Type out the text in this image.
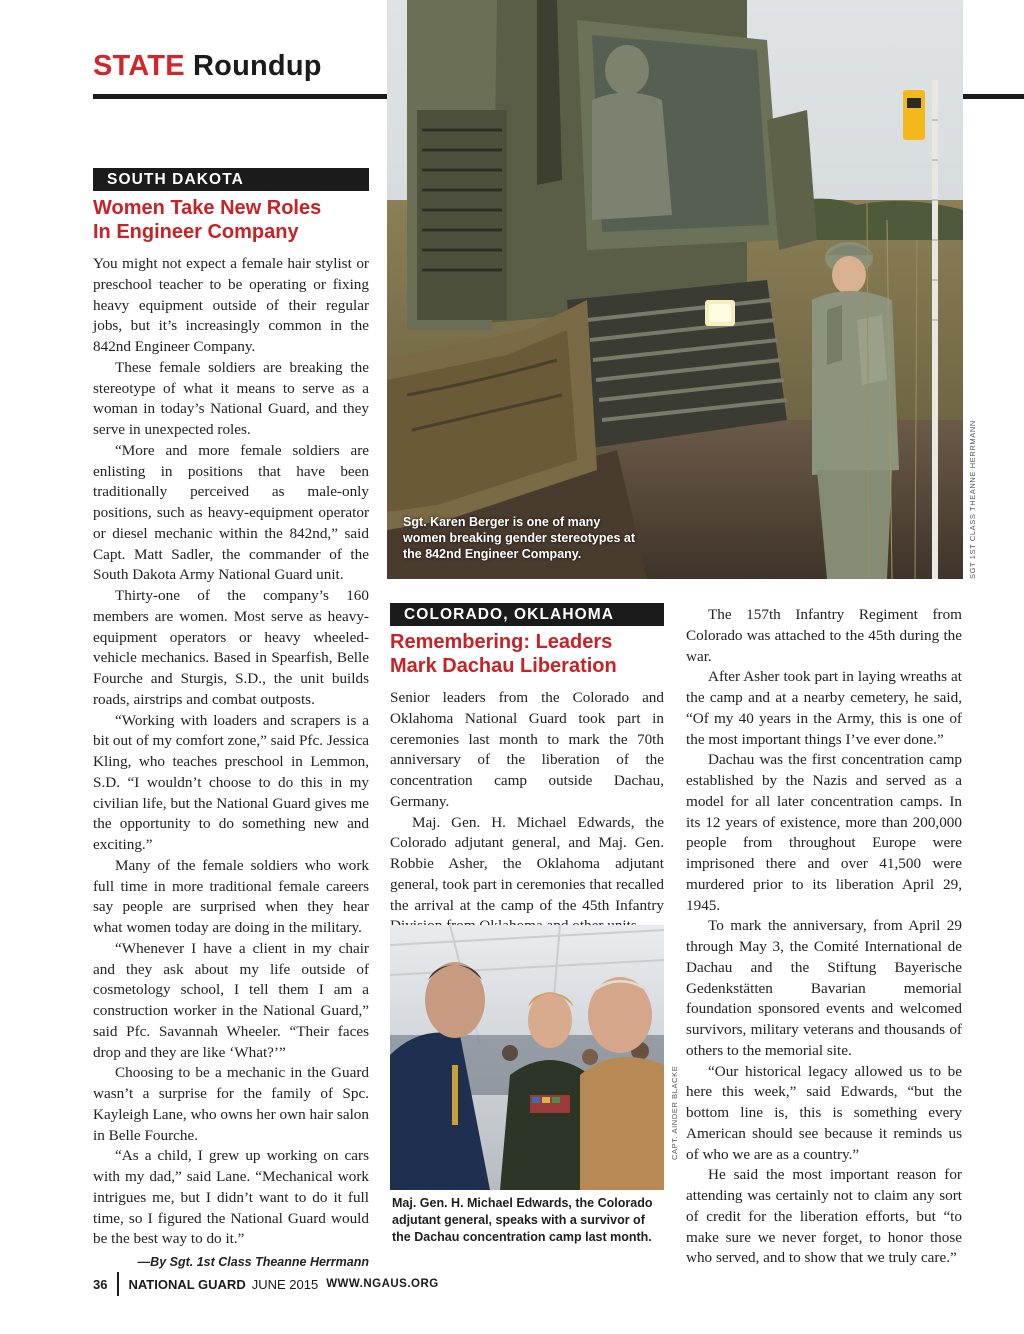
STATE Roundup
Sgt. Karen Berger is one of many women breaking gender stereotypes at the 842nd Engineer Company.	SGT 1ST CLASS THEANNE HERRMANN
SOUTH DAKOTA
Women Take New Roles
In Engineer Company

You might not expect a female hair stylist or preschool teacher to be operating or fixing heavy equipment outside of their regular jobs, but it’s increasingly common in the 842nd Engineer Company.

These female soldiers are breaking the stereotype of what it means to serve as a woman in today’s National Guard, and they serve in unexpected roles.

“More and more female soldiers are enlisting in positions that have been traditionally perceived as male-only positions, such as heavy-equipment operator or diesel mechanic within the 842nd,” said Capt. Matt Sadler, the commander of the South Dakota Army National Guard unit.

Thirty-one of the company’s 160 members are women. Most serve as heavy-equipment operators or heavy wheeled-vehicle mechanics. Based in Spearfish, Belle Fourche and Sturgis, S.D., the unit builds roads, airstrips and combat outposts.

“Working with loaders and scrapers is a bit out of my comfort zone,” said Pfc. Jessica Kling, who teaches preschool in Lemmon, S.D. “I wouldn’t choose to do this in my civilian life, but the National Guard gives me the opportunity to do something new and exciting.”

Many of the female soldiers who work full time in more traditional female careers say people are surprised when they hear what women today are doing in the military.

“Whenever I have a client in my chair and they ask about my life outside of cosmetology school, I tell them I am a construction worker in the National Guard,” said Pfc. Savannah Wheeler. “Their faces drop and they are like ‘What?’”

Choosing to be a mechanic in the Guard wasn’t a surprise for the family of Spc. Kayleigh Lane, who owns her own hair salon in Belle Fourche.

“As a child, I grew up working on cars with my dad,” said Lane. “Mechanical work intrigues me, but I didn’t want to do it full time, so I figured the National Guard would be the best way to do it.”

—By Sgt. 1st Class Theanne Herrmann
COLORADO, OKLAHOMA
Remembering: Leaders
Mark Dachau Liberation

Senior leaders from the Colorado and Oklahoma National Guard took part in ceremonies last month to mark the 70th anniversary of the liberation of the concentration camp outside Dachau, Germany.

Maj. Gen. H. Michael Edwards, the Colorado adjutant general, and Maj. Gen. Robbie Asher, the Oklahoma adjutant general, took part in ceremonies that recalled the arrival at the camp of the 45th Infantry

CAPT. AINDER BLACKE
Maj. Gen. H. Michael Edwards, the Colorado adjutant general, speaks with a survivor of the Dachau concentration camp last month.

The 157th Infantry Regiment from Colorado was attached to the 45th during the war.

After Asher took part in laying wreaths at the camp and at a nearby cemetery, he said, “Of my 40 years in the Army, this is one of the most important things I’ve ever done.”

Dachau was the first concentration camp established by the Nazis and served as a model for all later concentration camps. In its 12 years of existence, more than 200,000 people from throughout Europe were imprisoned there and over 41,500 were murdered prior to its liberation April 29, 1945.

To mark the anniversary, from April 29 through May 3, the Comité International de Dachau and the Stiftung Bayerische Gedenkstätten Bavarian memorial foundation sponsored events and welcomed survivors, military veterans and thousands of others to the memorial site.

“Our historical legacy allowed us to be here this week,” said Edwards, “but the bottom line is, this is something every American should see because it reminds us of who we are as a country.”

He said the most important reason for attending was certainly not to claim any sort of credit for the liberation efforts, but “to make sure we never forget, to honor those who served, and to show that we truly care.”

36 NATIONAL GUARD JUNE 2015 WWW.NGAUS.ORG
